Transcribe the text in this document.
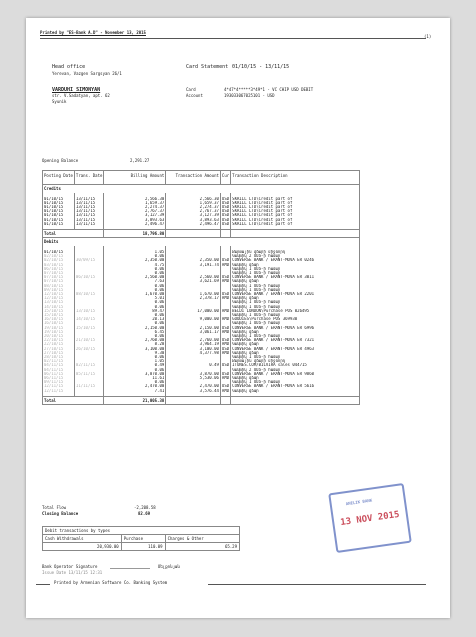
Printed by "ES-Bank A.D" - November 13, 2015
(1)
Head office
Yerevan, Vazgen Sargsyan 26/1
Card Statement 01/10/15 - 13/11/15
VARDUHI SIMONYAN
str. V.Sadatyan, apt. 62
Syunik
Card	4*47*4*****3*49*1 - VC CHIP USD DEBIT
Account	193033067025101 - USD
Opening Balance	2,291.27
Posting Date	Trans. Date	Billing Amount	Transaction Amount	Cur	Transaction Description
Credits					

01/10/15	13/11/15	2,566.30	2,566.30	USD	SKRILL LTD\Credit part of
01/10/15	13/11/15	1,659.37	1,659.37	USD	SKRILL LTD\Credit part of
01/10/15	13/11/15	2,274.37	2,274.37	USD	SKRILL LTD\Credit part of
01/10/15	13/11/15	2,767.37	2,767.37	USD	SKRILL LTD\Credit part of
01/10/15	13/11/15	3,127.39	3,127.39	USD	SKRILL LTD\Credit part of
01/10/15	13/11/15	3,893.63	3,893.63	USD	SKRILL LTD\Credit part of
01/10/15	13/11/15	2,496.47	2,496.47	USD	SKRILL LTD\Credit part of

Total		18,796.80			
Debits					

01/10/15		1.05			Քարտային վճարի միջնորդ
02/10/15		0.06			Կանխիկ 2 ՍՄՏ-ի համար
02/10/15	30/09/15	2,350.00	2,350.00	USD	CONVERSE BANK / ERANT-MOVA ER 0246
03/10/15		4.75	3,191.74	AMD	Կանխիկ վճար
06/10/15		0.06			Կանխիկ 1 ՍՄՏ-ի համար
07/10/15		0.06			Կանխիկ 1 ՍՄՏ-ի համար
07/10/15	06/10/15	2,560.00	2,560.00	USD	CONVERSE BANK / ERANT-MOVA ER 3011
07/10/15		7.63	3,621.69	AMD	Կանխիկ վճար
08/10/15		0.06			Կանխիկ 1 ՍՄՏ-ի համար
09/10/15		0.06			Կանխիկ 1 ՍՄՏ-ի համար
12/10/15	08/10/15	1,670.00	1,670.00	USD	CONVERSE BANK / ERANT-MOVA ER 2201
12/10/15		5.01	2,378.17	AMD	Կանխիկ վճար
13/10/15		0.06			Կանխիկ 1 ՍՄՏ-ի համար
14/10/15		0.06			Կանխիկ 1 ՍՄՏ-ի համար
15/10/15	13/10/15	89.47	17,000.00	AMD	BELDI LONDON\Purchase POS 026495
15/10/15		0.06			Կանխիկ 1 ՍՄՏ-ի համար
16/10/15	14/10/15	20.13	9,000.00	AMD	GOODIES\Purchase POS 369930
16/10/15		0.06			Կանխիկ 1 ՍՄՏ-ի համար
19/10/15	15/10/15	2,150.00	2,150.00	USD	CONVERSE BANK / ERANT-MOVA ER 6996
19/10/15		6.45	3,061.17	AMD	Կանխիկ վճար
20/10/15		0.06			Կանխիկ 1 ՍՄՏ-ի համար
22/10/15	21/10/15	2,760.00	2,760.00	USD	CONVERSE BANK / ERANT-MOVA ER 7321
22/10/15		8.28	3,964.19	AMD	Կանխիկ վճար
27/10/15	26/10/15	3,100.00	3,100.00	USD	CONVERSE BANK / ERANT-MOVA ER 4963
27/10/15		9.30	4,377.98	AMD	Կանխիկ վճար
28/10/15		0.06			Կանխիկ 1 ՍՄՏ-ի համար
02/11/15		1.05			Քարտային վճարի միջնորդ
04/11/15	02/11/15	0.49	0.49	USD	ITUNES.COM/BILVIRA sales 044715
04/11/15		0.06			Կանխիկ 2 ՍՄՏ-ի համար
06/11/15	05/11/15	3,870.00	3,870.00	USD	CONVERSE BANK / ERANT-MOVA ER 9860
06/11/15		11.61	5,530.06	AMD	Կանխիկ վճար
09/11/15		0.06			Կանխիկ 1 ՍՄՏ-ի համար
12/11/15	11/11/15	2,470.00	2,470.00	USD	CONVERSE BANK / ERANT-MOVA ER 5616
12/11/15		7.41	3,576.44	AMD	Կանխիկ վճար

Total		21,005.38			
Total Flow	-2,208.58
Closing Balance	82.69
Debit transactions by types		
Cash Withdrawals	Purchase	Charges & Other
20,930.00	110.09	65.29
Bank Operator Signature	Մելքոնյան
Issue Date 13/11/15 12:31
Printed by Armenian Software Co. Banking System
ANELIK BANK
13 NOV 2015
